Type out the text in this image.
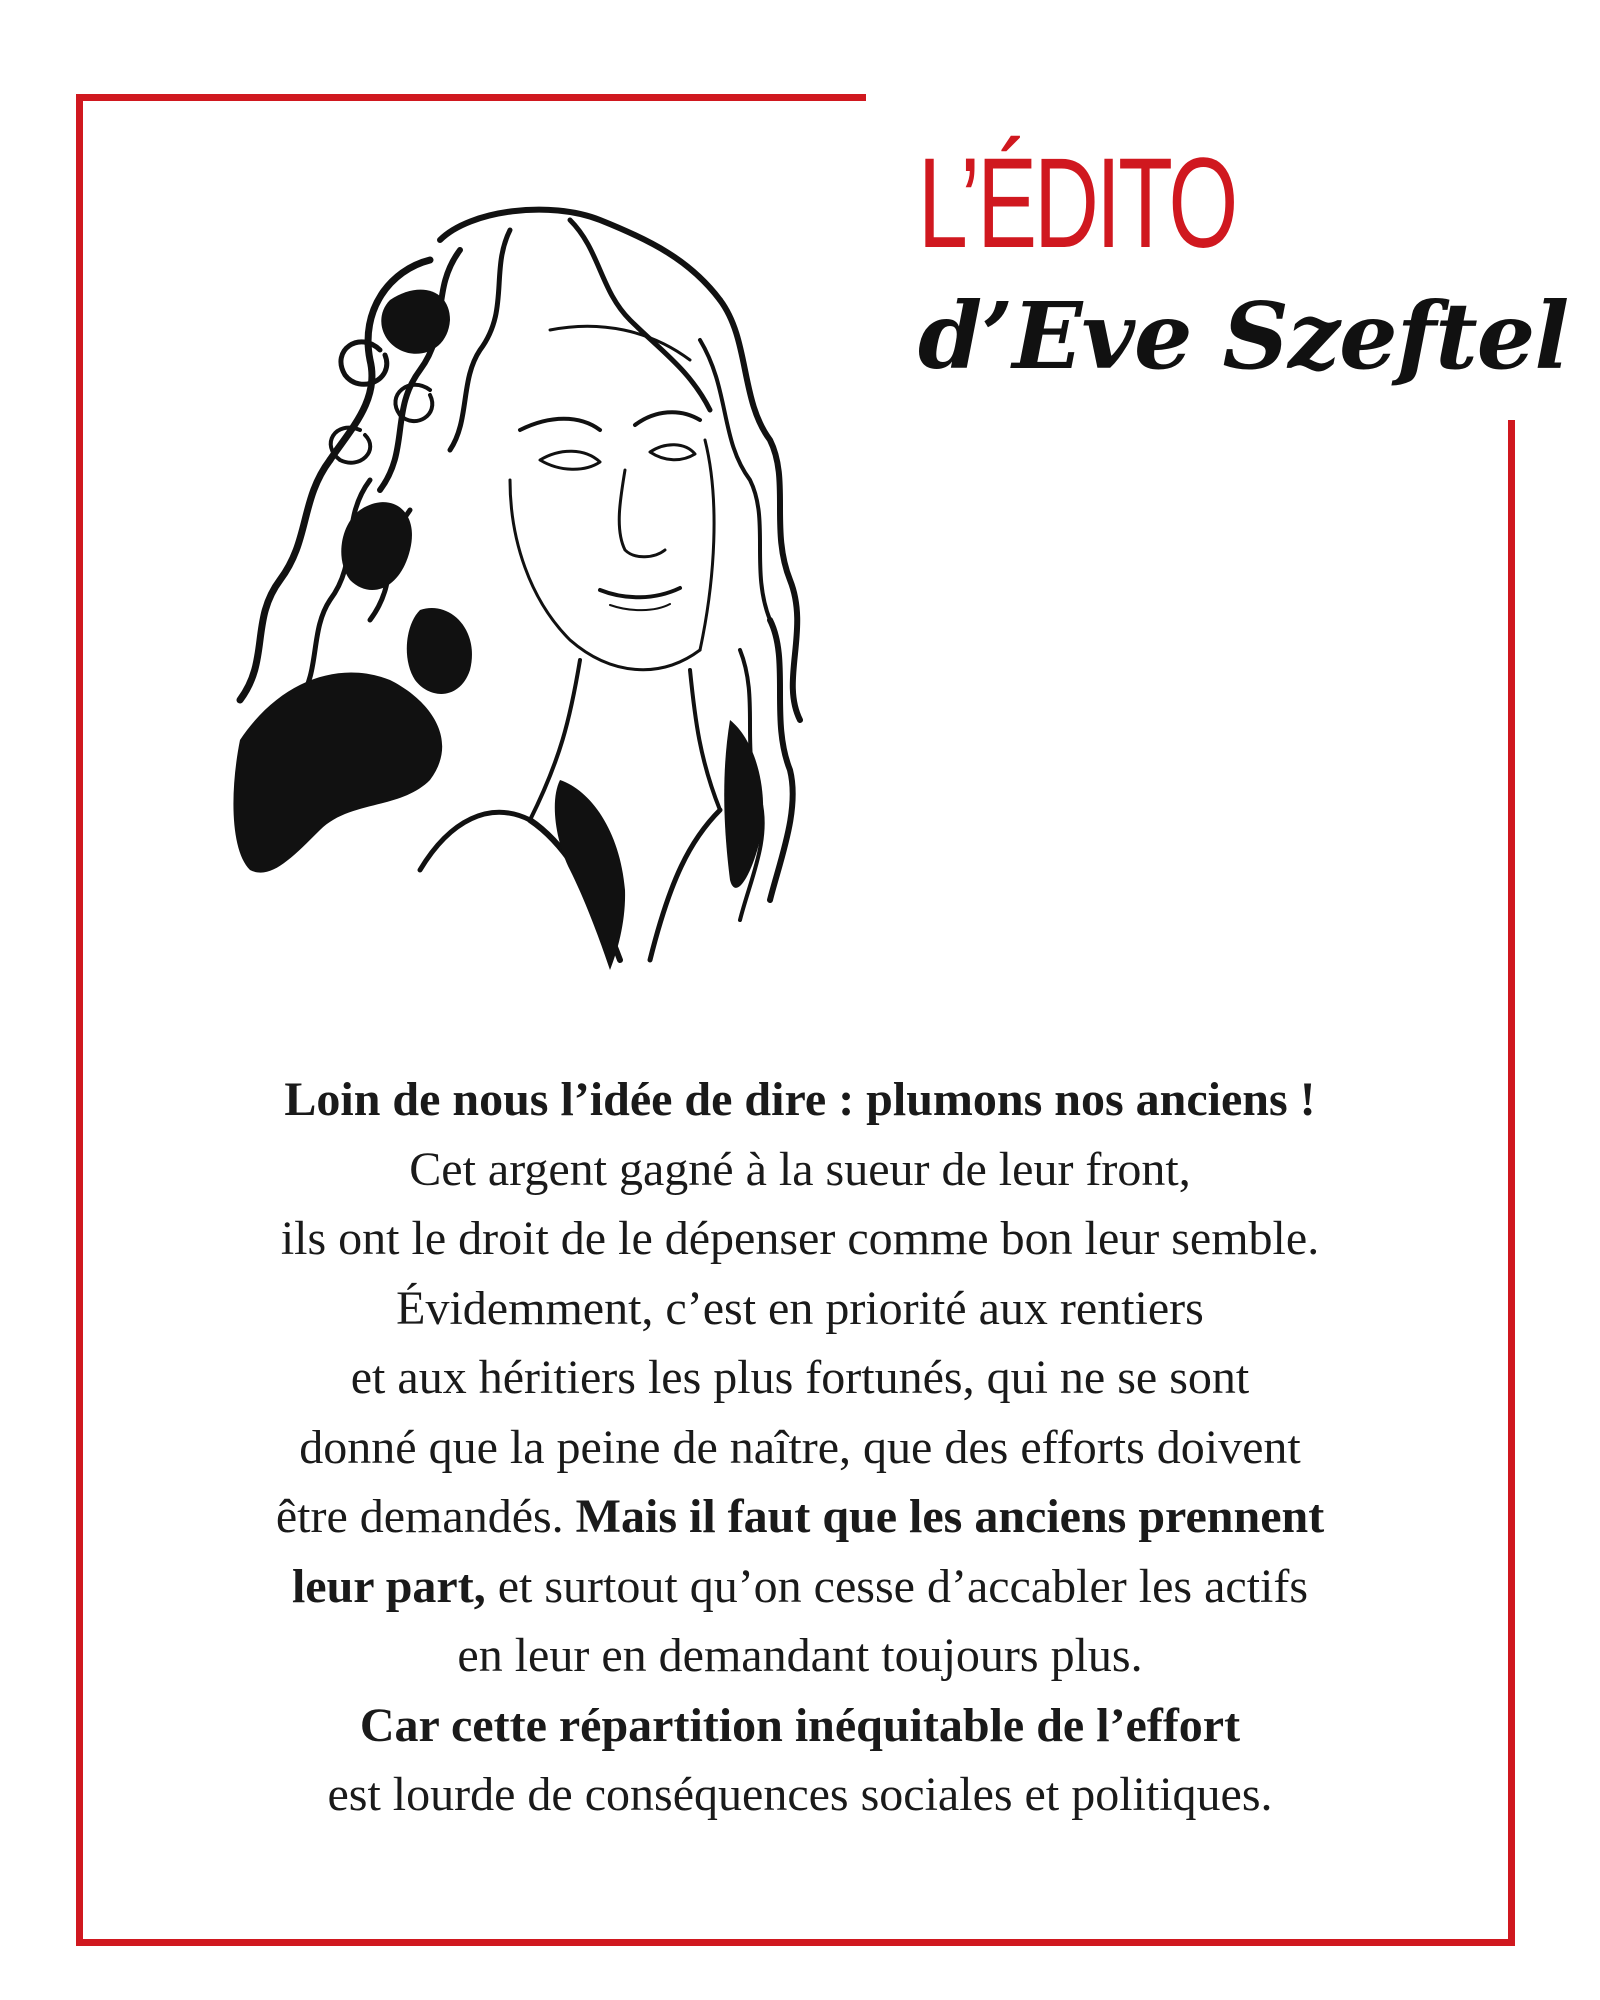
L’ÉDITO
d’Eve Szeftel
Loin de nous l’idée de dire : plumons nos anciens !
Cet argent gagné à la sueur de leur front,
ils ont le droit de le dépenser comme bon leur semble.
Évidemment, c’est en priorité aux rentiers
et aux héritiers les plus fortunés, qui ne se sont
donné que la peine de naître, que des efforts doivent
être demandés. Mais il faut que les anciens prennent
leur part, et surtout qu’on cesse d’accabler les actifs
en leur en demandant toujours plus.
Car cette répartition inéquitable de l’effort
est lourde de conséquences sociales et politiques.
